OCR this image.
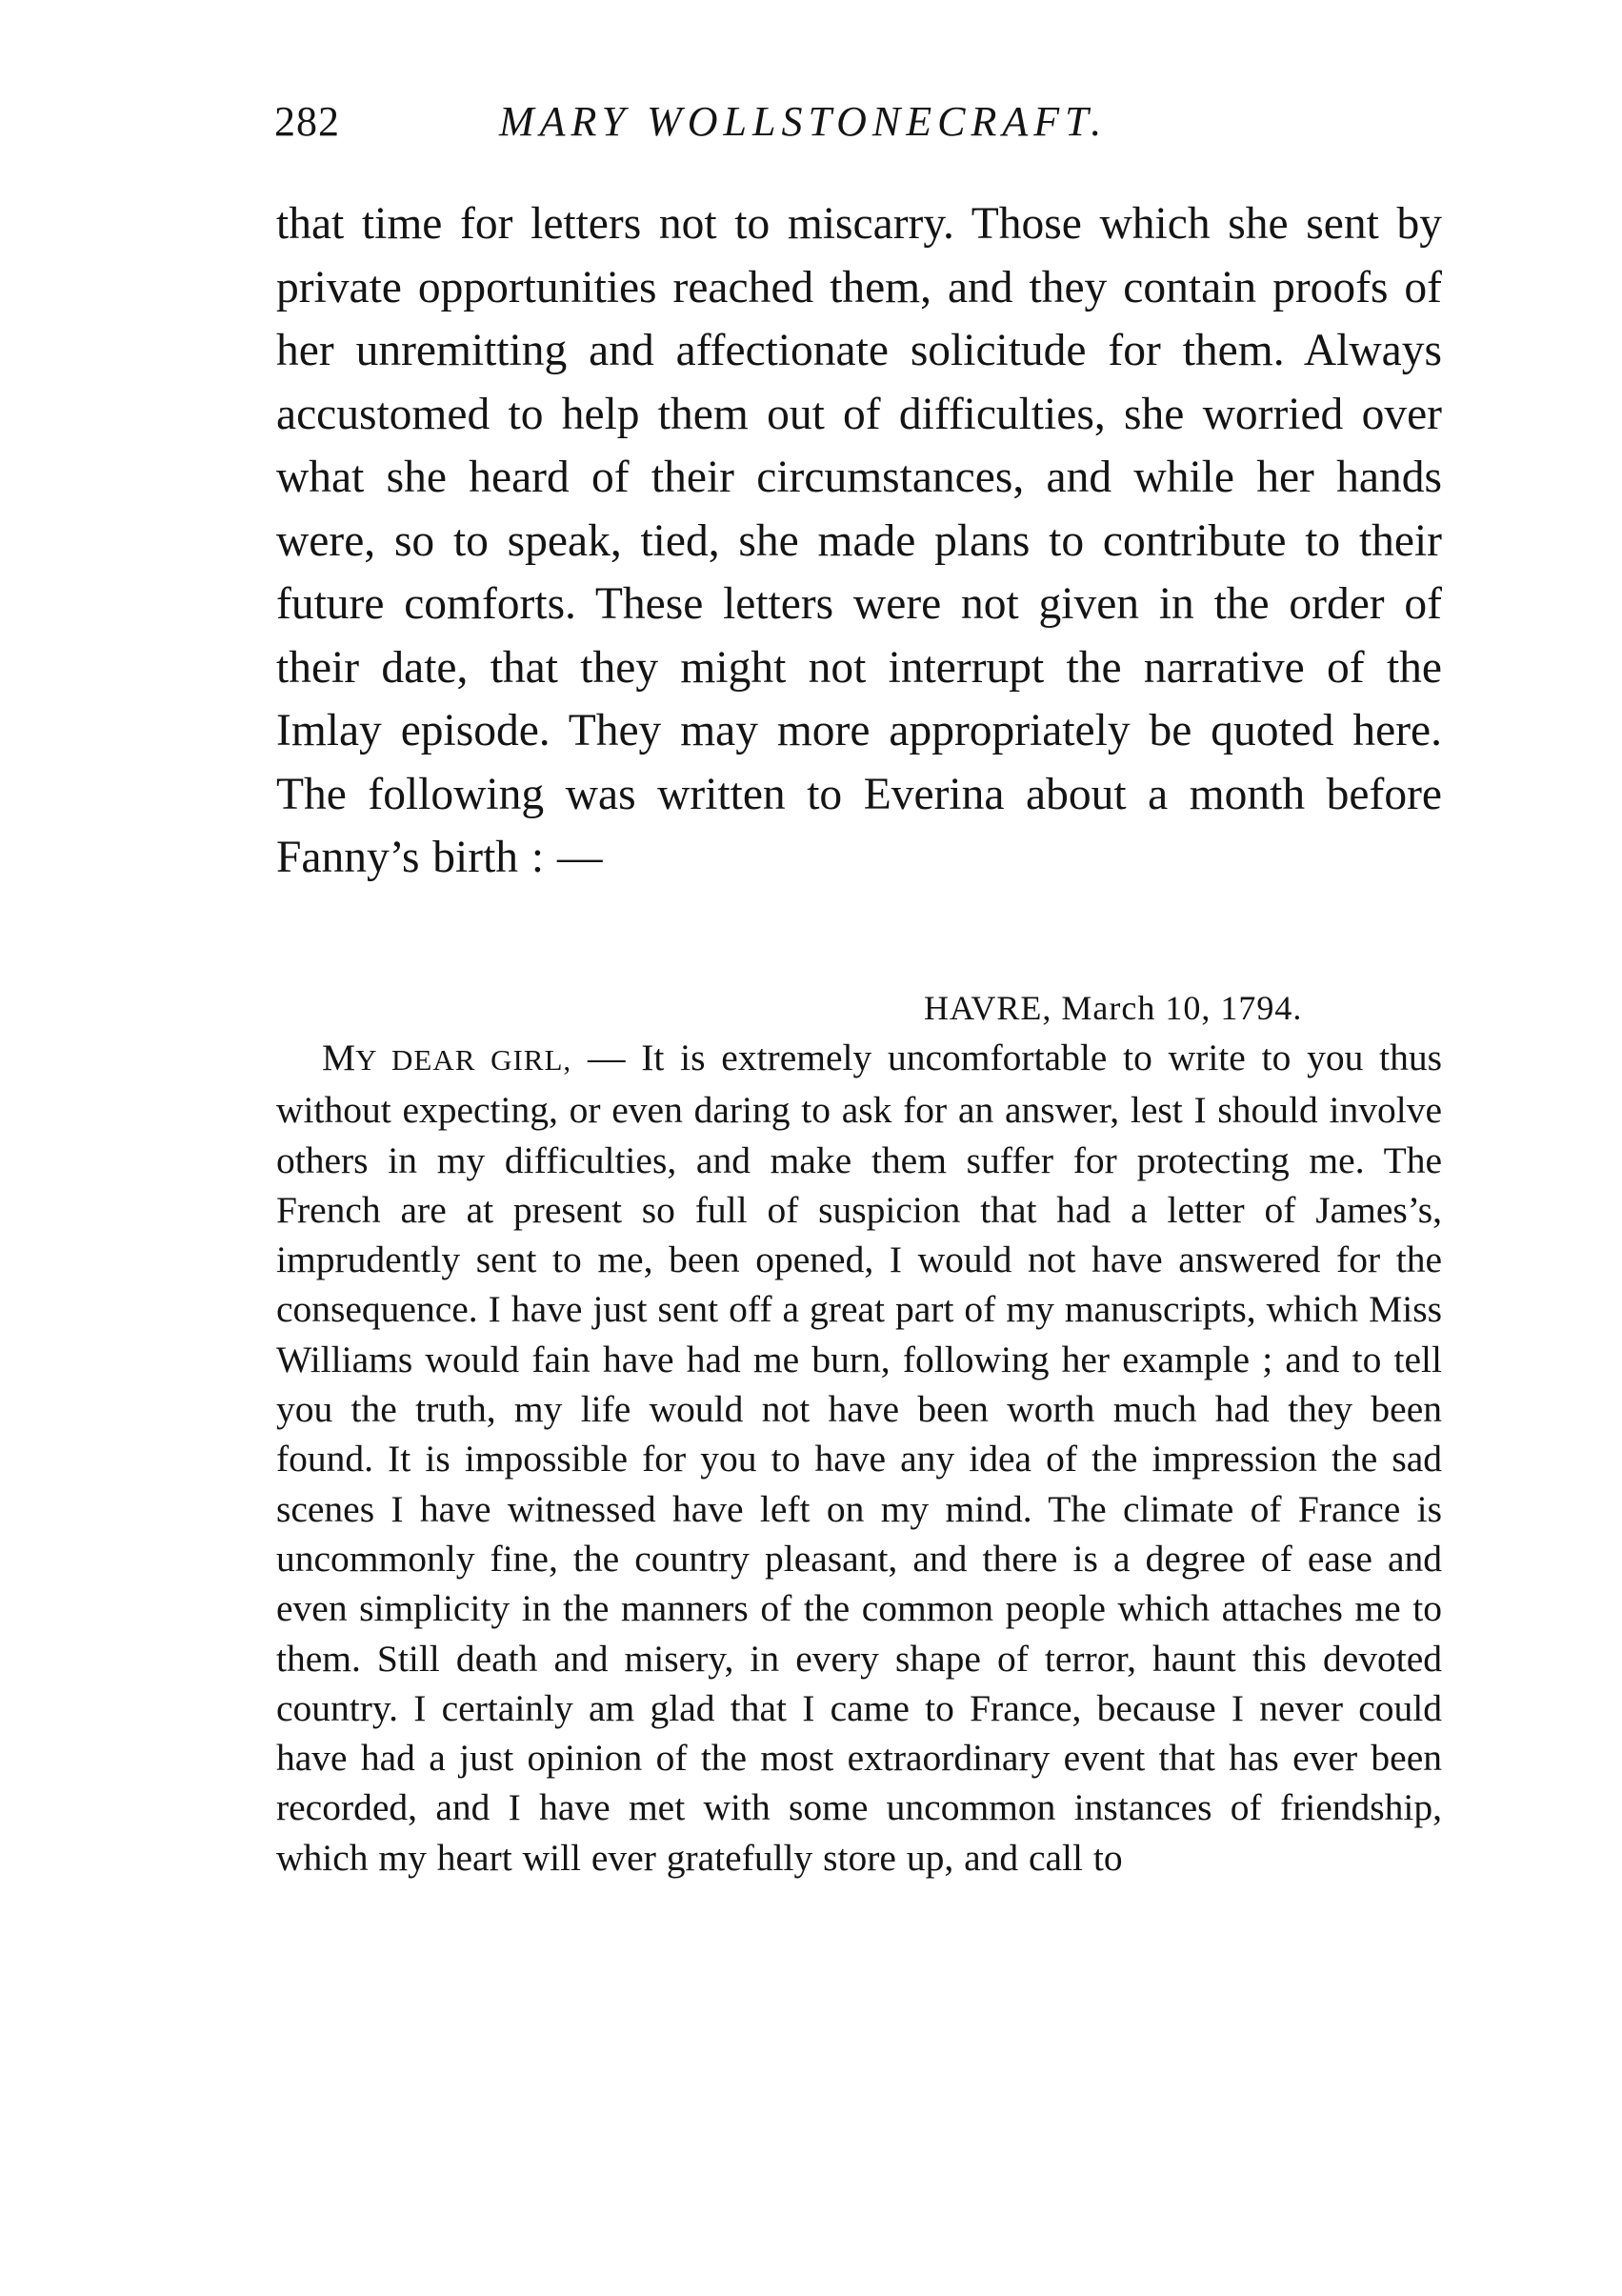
282	MARY WOLLSTONECRAFT.

that time for letters not to miscarry. Those which she sent by private opportunities reached them, and they contain proofs of her unremitting and affectionate solicitude for them. Always accustomed to help them out of difficulties, she worried over what she heard of their circumstances, and while her hands were, so to speak, tied, she made plans to contribute to their future comforts. These letters were not given in the order of their date, that they might not interrupt the narrative of the Imlay episode. They may more appropriately be quoted here. The following was written to Everina about a month before Fanny’s birth : —

HAVRE, March 10, 1794.

MY DEAR GIRL, — It is extremely uncomfortable to write to you thus without expecting, or even daring to ask for an answer, lest I should involve others in my difficulties, and make them suffer for protecting me. The French are at present so full of suspicion that had a letter of James’s, imprudently sent to me, been opened, I would not have answered for the consequence. I have just sent off a great part of my manuscripts, which Miss Williams would fain have had me burn, following her example ; and to tell you the truth, my life would not have been worth much had they been found. It is impossible for you to have any idea of the impression the sad scenes I have witnessed have left on my mind. The climate of France is uncommonly fine, the country pleasant, and there is a degree of ease and even simplicity in the manners of the common people which attaches me to them. Still death and misery, in every shape of terror, haunt this devoted country. I certainly am glad that I came to France, because I never could have had a just opinion of the most extraordinary event that has ever been recorded, and I have met with some uncommon instances of friendship, which my heart will ever gratefully store up, and call to
